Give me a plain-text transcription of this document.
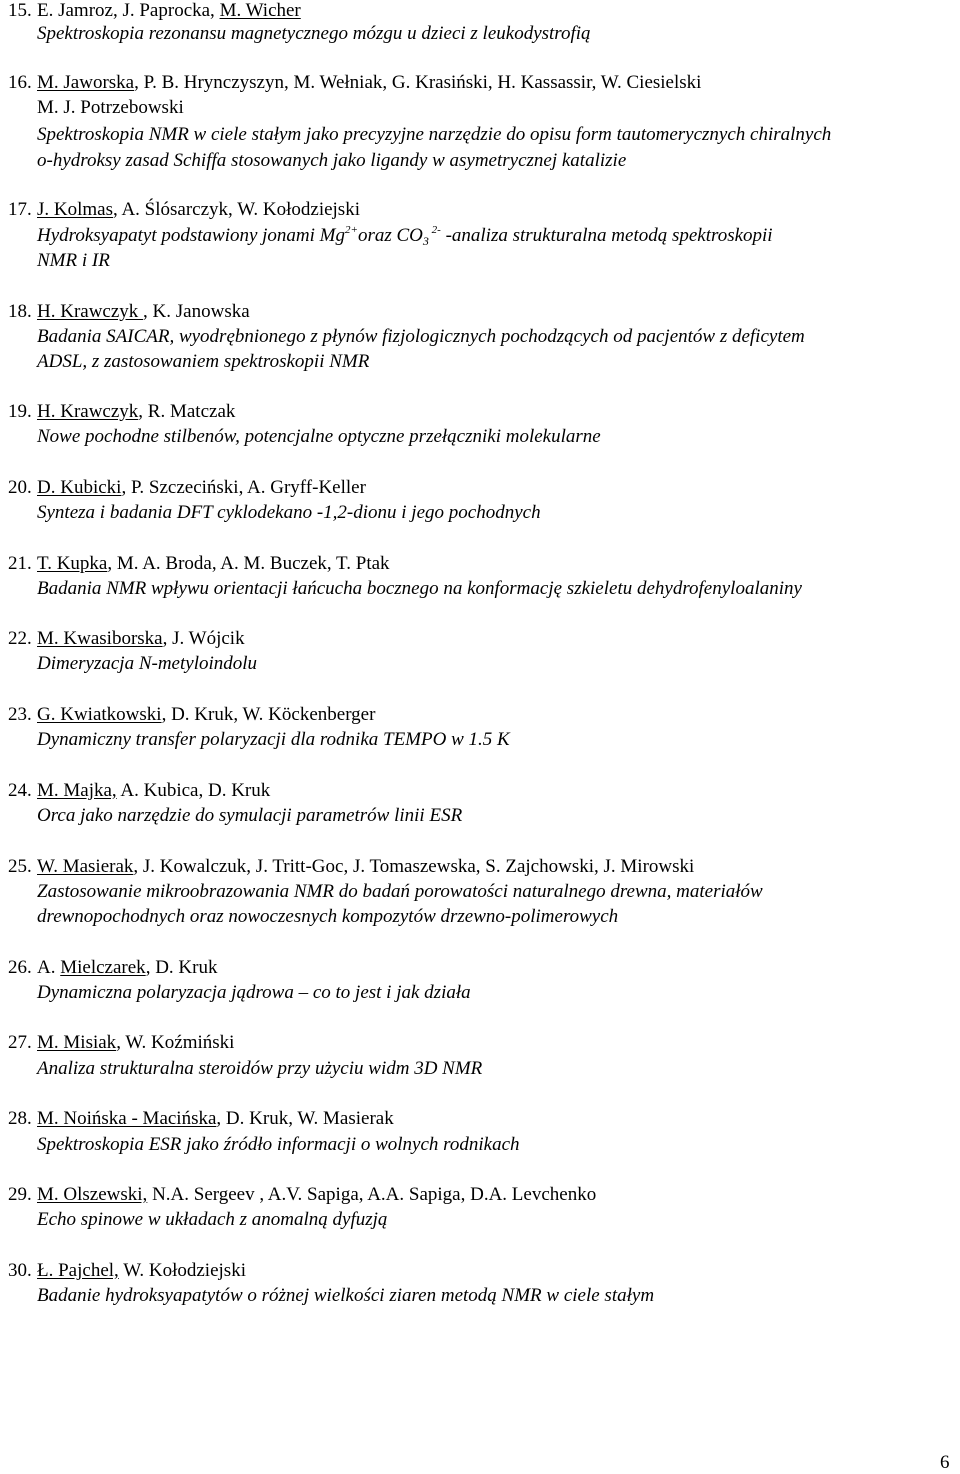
15. E. Jamroz, J. Paprocka, M. Wicher
Spektroskopia rezonansu magnetycznego mózgu u dzieci z leukodystrofią
16. M. Jaworska, P. B. Hrynczyszyn, M. Wełniak, G. Krasiński, H. Kassassir, W. Ciesielski
M. J. Potrzebowski
Spektroskopia NMR w ciele stałym jako precyzyjne narzędzie do opisu form tautomerycznych chiralnych
o-hydroksy zasad Schiffa stosowanych jako ligandy w asymetrycznej katalizie
17. J. Kolmas, A. Ślósarczyk, W. Kołodziejski
Hydroksyapatyt podstawiony jonami $Mg^{2+}oraz$ $CO_3$ $^{2-}$ -analiza strukturalna metodą spektroskopii
NMR i IR
18. H. Krawczyk , K. Janowska
Badania SAICAR, wyodrębnionego z płynów fizjologicznych pochodzących od pacjentów z deficytem
ADSL, z zastosowaniem spektroskopii NMR
19. H. Krawczyk, R. Matczak
Nowe pochodne stilbenów, potencjalne optyczne przełączniki molekularne
20. D. Kubicki, P. Szczeciński, A. Gryff-Keller
Synteza i badania DFT cyklodekano -1,2-dionu i jego pochodnych
21. T. Kupka, M. A. Broda, A. M. Buczek, T. Ptak
Badania NMR wpływu orientacji łańcucha bocznego na konformację szkieletu dehydrofenyloalaniny
22. M. Kwasiborska, J. Wójcik
Dimeryzacja N-metyloindolu
23. G. Kwiatkowski, D. Kruk, W. Köckenberger
Dynamiczny transfer polaryzacji dla rodnika TEMPO w 1.5 K
24. M. Majka, A. Kubica, D. Kruk
Orca jako narzędzie do symulacji parametrów linii ESR
25. W. Masierak, J. Kowalczuk, J. Tritt-Goc, J. Tomaszewska, S. Zajchowski, J. Mirowski
Zastosowanie mikroobrazowania NMR do badań porowatości naturalnego drewna, materiałów
drewnopochodnych oraz nowoczesnych kompozytów drzewno-polimerowych
26. A. Mielczarek, D. Kruk
Dynamiczna polaryzacja jądrowa – co to jest i jak działa
27. M. Misiak, W. Koźmiński
Analiza strukturalna steroidów przy użyciu widm 3D NMR
28. M. Noińska - Macińska, D. Kruk, W. Masierak
Spektroskopia ESR jako źródło informacji o wolnych rodnikach
29. M. Olszewski, N.A. Sergeev , A.V. Sapiga, A.A. Sapiga, D.A. Levchenko
Echo spinowe w układach z anomalną dyfuzją
30. Ł. Pajchel, W. Kołodziejski
Badanie hydroksyapatytów o różnej wielkości ziaren metodą NMR w ciele stałym
6
